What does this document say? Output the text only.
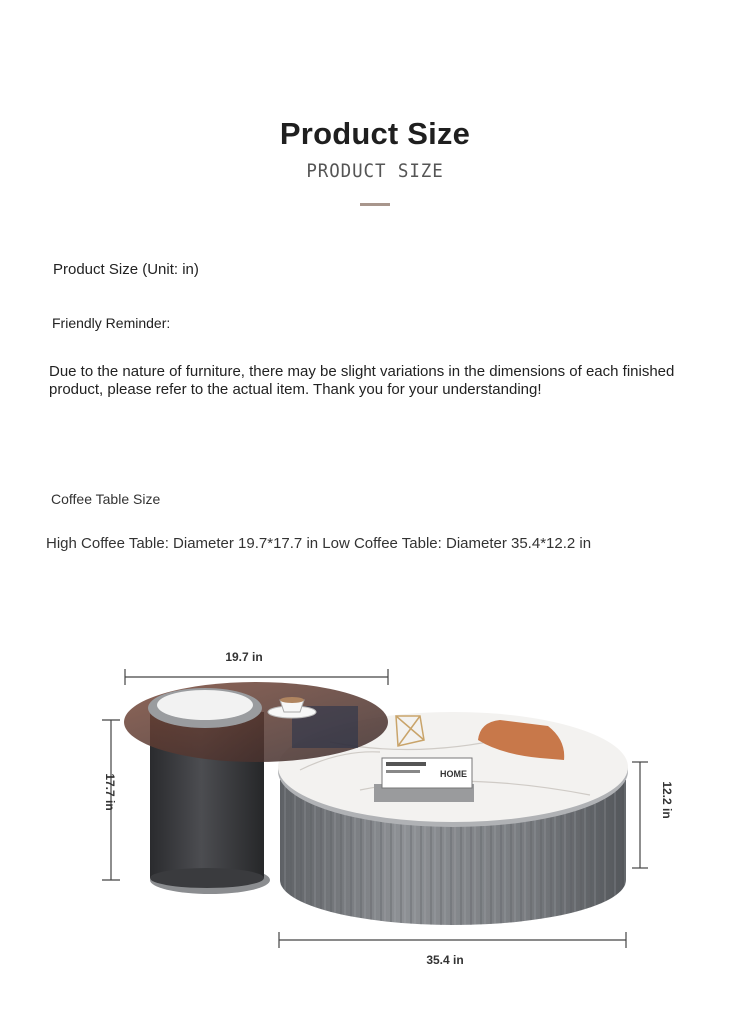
Product Size
PRODUCT SIZE
Product Size (Unit: in)
Friendly Reminder:
Due to the nature of furniture, there may be slight variations in the dimensions of each finished product, please refer to the actual item. Thank you for your understanding!
Coffee Table Size
High Coffee Table: Diameter 19.7*17.7 in Low Coffee Table: Diameter 35.4*12.2 in
HOME
19.7 in
17.7 in	12.2 in
35.4 in
